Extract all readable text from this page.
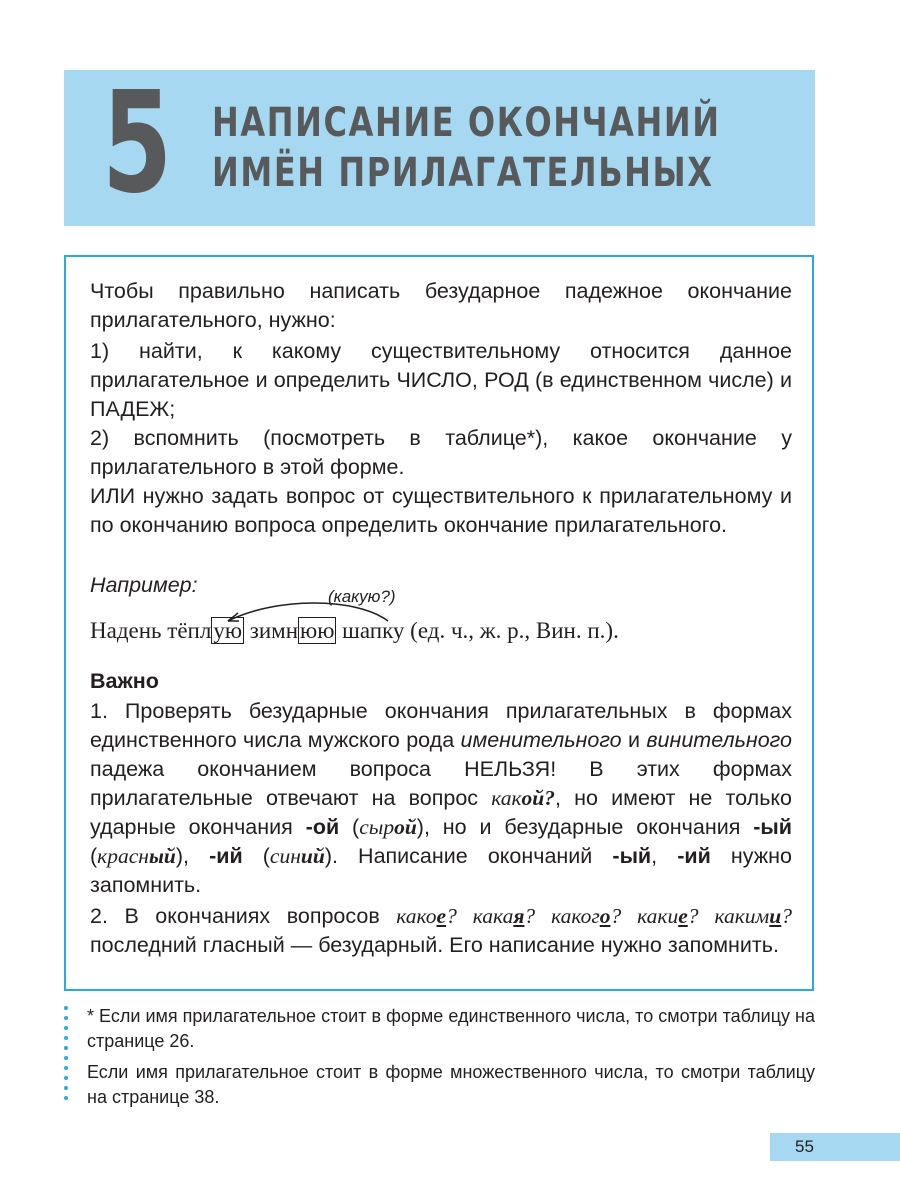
5 НАПИСАНИЕ ОКОНЧАНИЙ
ИМЁН ПРИЛАГАТЕЛЬНЫХ

Чтобы правильно написать безударное падежное окончание прилагательного, нужно:

1) найти, к какому существительному относится данное прилагательное и определить ЧИСЛО, РОД (в единственном числе) и ПАДЕЖ;

2) вспомнить (посмотреть в таблице*), какое окончание у прилагательного в этой форме.

ИЛИ нужно задать вопрос от существительного к прилагательному и по окончанию вопроса определить окончание прилагательного.

Например:	(какую?)
Надень тёплую зимнюю шапку (ед. ч., ж. р., Вин. п.).

Важно

1. Проверять безударные окончания прилагательных в формах единственного числа мужского рода именительного и винительного падежа окончанием вопроса НЕЛЬЗЯ! В этих формах прилагательные отвечают на вопрос какой?, но имеют не только ударные окончания -ой (сырой), но и безударные окончания -ый (красный), -ий (синий). Написание окончаний -ый, -ий нужно запомнить.

2. В окончаниях вопросов какое? какая? какого? какие? какими? последний гласный — безударный. Его написание нужно запомнить.

* Если имя прилагательное стоит в форме единственного числа, то смотри таблицу на странице 26.

Если имя прилагательное стоит в форме множественного числа, то смотри таблицу на странице 38.

55
